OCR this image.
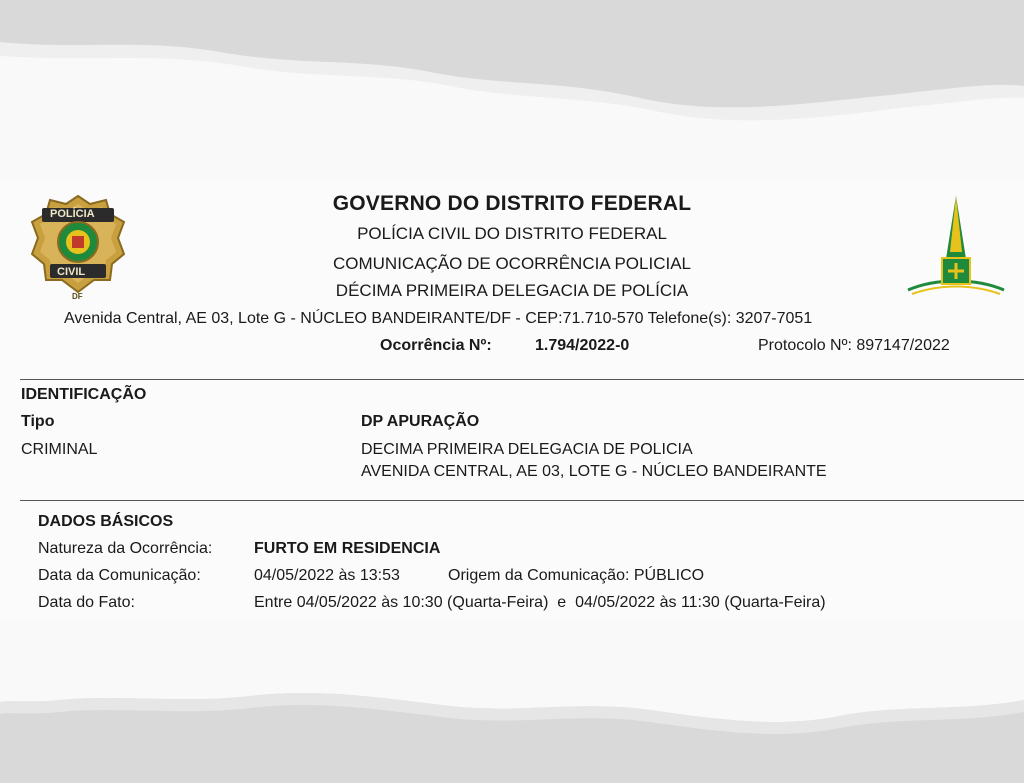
POLÍCIA
CIVIL
DF
GOVERNO DO DISTRITO FEDERAL
POLÍCIA CIVIL DO DISTRITO FEDERAL
COMUNICAÇÃO DE OCORRÊNCIA POLICIAL
DÉCIMA PRIMEIRA DELEGACIA DE POLÍCIA
Avenida Central, AE 03, Lote G - NÚCLEO BANDEIRANTE/DF - CEP:71.710-570 Telefone(s): 3207-7051
Ocorrência Nº:	1.794/2022-0	Protocolo Nº: 897147/2022
IDENTIFICAÇÃO
Tipo	DP APURAÇÃO
CRIMINAL	DECIMA PRIMEIRA DELEGACIA DE POLICIA
AVENIDA CENTRAL, AE 03, LOTE G - NÚCLEO BANDEIRANTE
DADOS BÁSICOS
Natureza da Ocorrência:	FURTO EM RESIDENCIA
Data da Comunicação:	04/05/2022 às 13:53	Origem da Comunicação: PÚBLICO
Data do Fato:	Entre 04/05/2022 às 10:30 (Quarta-Feira)  e  04/05/2022 às 11:30 (Quarta-Feira)
